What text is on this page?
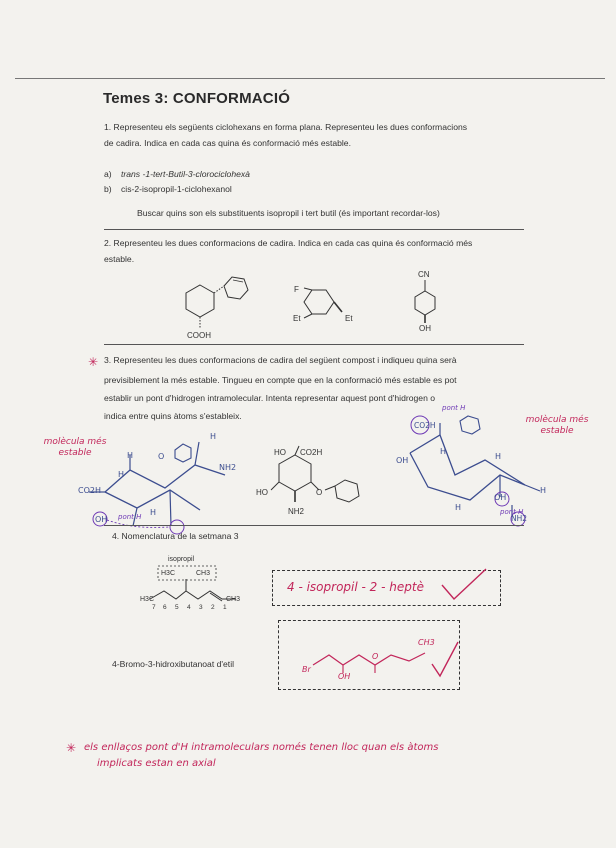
Temes 3: CONFORMACIÓ
1. Representeu els següents ciclohexans en forma plana. Representeu les dues conformacions
de cadira. Indica en cada cas quina és conformació més estable.
a) trans -1-tert-Butil-3-clorociclohexà
b) cis-2-isopropil-1-ciclohexanol
Buscar quins son els substituents isopropil i tert butil (és important recordar-los)
2. Representeu les dues conformacions de cadira. Indica en cada cas quina és conformació més
estable.
COOH
F
Et	Et
CN
OH
✳ 3. Representeu les dues conformacions de cadira del següent compost i indiqueu quina serà
previsiblement la més estable. Tingueu en compte que en la conformació més estable es pot
establir un pont d'hidrogen intramolecular. Intenta representar aquest pont d'hidrogen o
indica entre quins àtoms s'estableix.
molècula més estable
molècula més estable
HO CO2H
HO
NH2
O
CO2H
H
H
OH
NH2
H
H
O
pont H
CO2H
OH
H
H
H
OH
NH2
H
pont H
pont H
4. Nomenclatura de la setmana 3
isopropil
H3C	CH3
H3C	CH3
7 6 5 4 3 2 1
4 - isopropil - 2 - heptè
4-Bromo-3-hidroxibutanoat d'etil
Br
OH
O
CH3
✳ els enllaços pont d'H intramoleculars només tenen lloc quan els àtoms
implicats estan en axial
